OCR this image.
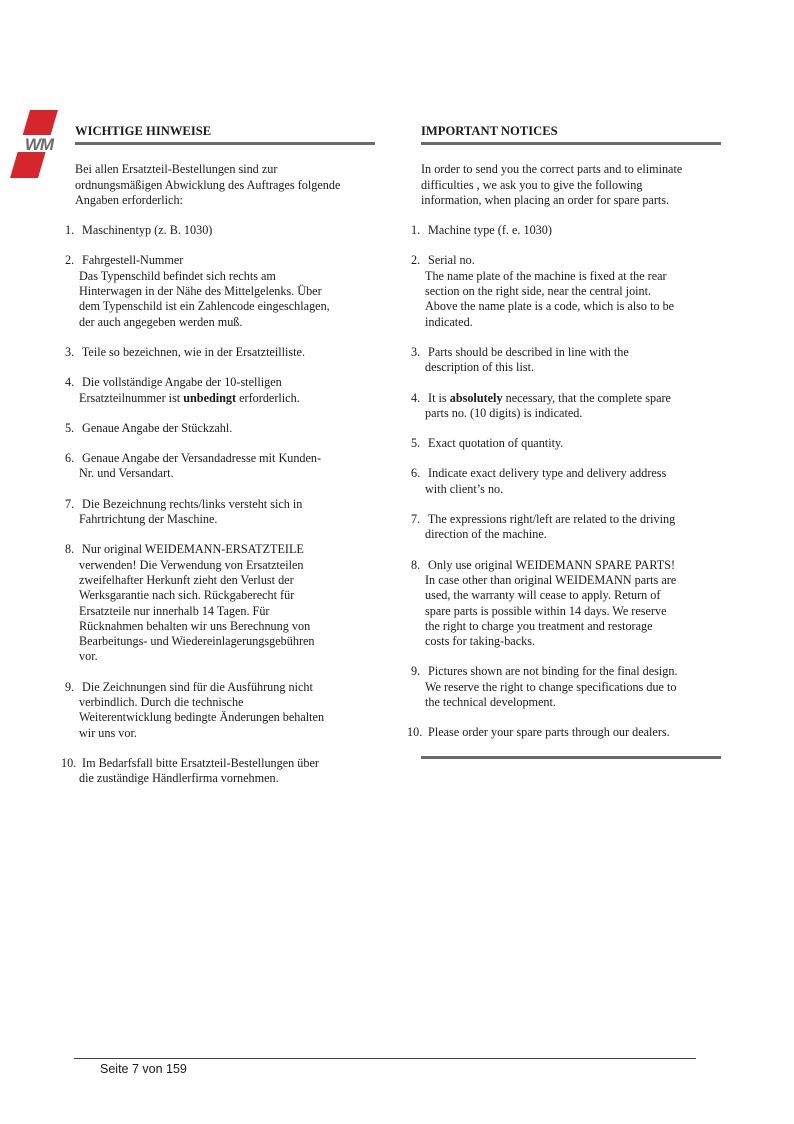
WM
WICHTIGE HINWEISE
Bei allen Ersatzteil-Bestellungen sind zur
ordnungsmäßigen Abwicklung des Auftrages folgende
Angaben erforderlich:
1. Maschinentyp (z. B. 1030)
2. Fahrgestell-Nummer
Das Typenschild befindet sich rechts am
Hinterwagen in der Nähe des Mittelgelenks. Über
dem Typenschild ist ein Zahlencode eingeschlagen,
der auch angegeben werden muß.
3. Teile so bezeichnen, wie in der Ersatzteilliste.
4. Die vollständige Angabe der 10-stelligen
Ersatzteilnummer ist unbedingt erforderlich.
5. Genaue Angabe der Stückzahl.
6. Genaue Angabe der Versandadresse mit Kunden-
Nr. und Versandart.
7. Die Bezeichnung rechts/links versteht sich in
Fahrtrichtung der Maschine.
8. Nur original WEIDEMANN-ERSATZTEILE
verwenden! Die Verwendung von Ersatzteilen
zweifelhafter Herkunft zieht den Verlust der
Werksgarantie nach sich. Rückgaberecht für
Ersatzteile nur innerhalb 14 Tagen. Für
Rücknahmen behalten wir uns Berechnung von
Bearbeitungs- und Wiedereinlagerungsgebühren
vor.
9. Die Zeichnungen sind für die Ausführung nicht
verbindlich. Durch die technische
Weiterentwicklung bedingte Änderungen behalten
wir uns vor.
10. Im Bedarfsfall bitte Ersatzteil-Bestellungen über
die zuständige Händlerfirma vornehmen.
IMPORTANT NOTICES
In order to send you the correct parts and to eliminate
difficulties , we ask you to give the following
information, when placing an order for spare parts.
1. Machine type (f. e. 1030)
2. Serial no.
The name plate of the machine is fixed at the rear
section on the right side, near the central joint.
Above the name plate is a code, which is also to be
indicated.
3. Parts should be described in line with the
description of this list.
4. It is absolutely necessary, that the complete spare
parts no. (10 digits) is indicated.
5. Exact quotation of quantity.
6. Indicate exact delivery type and delivery address
with client’s no.
7. The expressions right/left are related to the driving
direction of the machine.
8. Only use original WEIDEMANN SPARE PARTS!
In case other than original WEIDEMANN parts are
used, the warranty will cease to apply. Return of
spare parts is possible within 14 days. We reserve
the right to charge you treatment and restorage
costs for taking-backs.
9. Pictures shown are not binding for the final design.
We reserve the right to change specifications due to
the technical development.
10. Please order your spare parts through our dealers.
Seite 7 von 159
